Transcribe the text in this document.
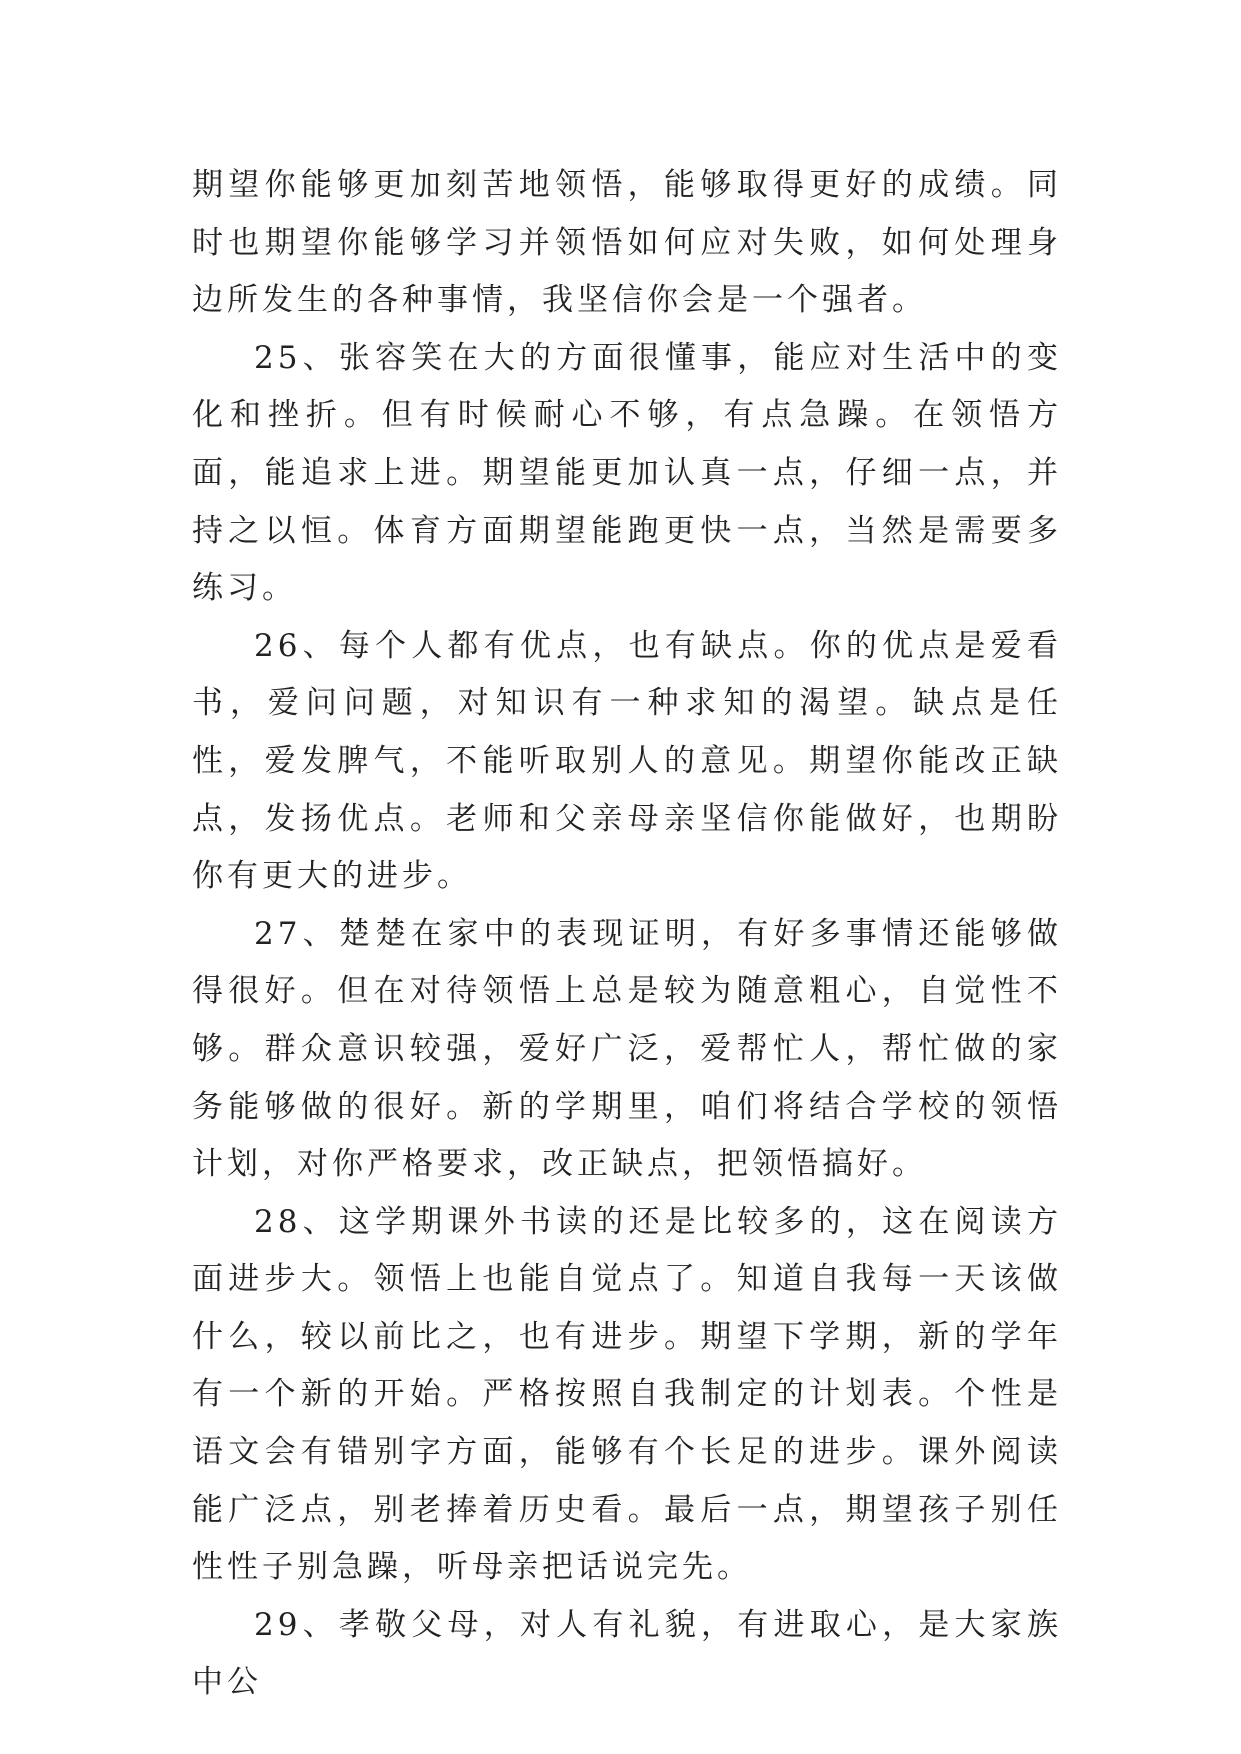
期望你能够更加刻苦地领悟，能够取得更好的成绩。同时也期望你能够学习并领悟如何应对失败，如何处理身边所发生的各种事情，我坚信你会是一个强者。

25、张容笑在大的方面很懂事，能应对生活中的变化和挫折。但有时候耐心不够，有点急躁。在领悟方面，能追求上进。期望能更加认真一点，仔细一点，并持之以恒。体育方面期望能跑更快一点，当然是需要多练习。

26、每个人都有优点，也有缺点。你的优点是爱看书，爱问问题，对知识有一种求知的渴望。缺点是任性，爱发脾气，不能听取别人的意见。期望你能改正缺点，发扬优点。老师和父亲母亲坚信你能做好，也期盼你有更大的进步。

27、楚楚在家中的表现证明，有好多事情还能够做得很好。但在对待领悟上总是较为随意粗心，自觉性不够。群众意识较强，爱好广泛，爱帮忙人，帮忙做的家务能够做的很好。新的学期里，咱们将结合学校的领悟计划，对你严格要求，改正缺点，把领悟搞好。

28、这学期课外书读的还是比较多的，这在阅读方面进步大。领悟上也能自觉点了。知道自我每一天该做什么，较以前比之，也有进步。期望下学期，新的学年有一个新的开始。严格按照自我制定的计划表。个性是语文会有错别字方面，能够有个长足的进步。课外阅读能广泛点，别老捧着历史看。最后一点，期望孩子别任性性子别急躁，听母亲把话说完先。

29、孝敬父母，对人有礼貌，有进取心，是大家族中公
